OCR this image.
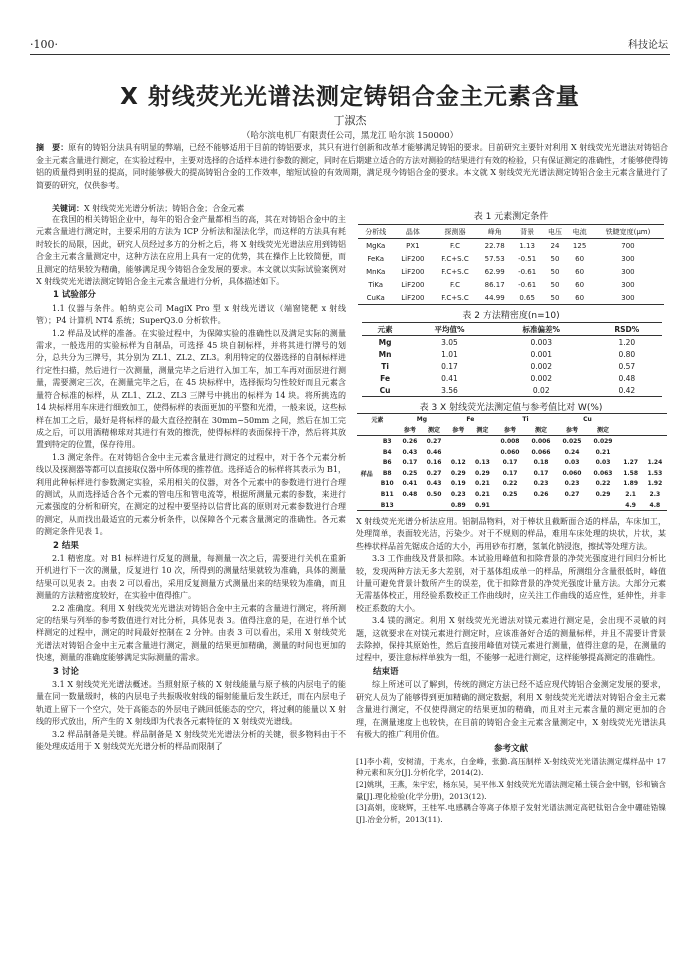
·100·	科技论坛
X 射线荧光光谱法测定铸铝合金主元素含量
丁淑杰
（哈尔滨电机厂有限责任公司，黑龙江 哈尔滨 150000）
摘　要：原有的铸铝分法具有明显的弊端，已经不能够适用于目前的铸铝要求，其只有进行创新和改革才能够满足铸铝的要求。目前研究主要针对利用 X 射线荧光光谱法对铸铝合金主元素含量进行测定，在实验过程中，主要对选择的合适样本进行参数的测定，同时在后期建立适合的方法对测验的结果进行有效的检验，只有保证测定的准确性，才能够使得铸铝的质量得到明显的提高，同时能够极大的提高铸铝合金的工作效率，缩短试验的有效周期，满足现今铸铝合金的要求。本文就 X 射线荧光光谱法测定铸铝合金主元素含量进行了简要的研究，仅供参考。
关键词：X 射线荧光光谱分析法；铸铝合金；合金元素

在我国的相关铸铝企业中，每年的铝合金产量都相当的高，其在对铸铝合金中的主元素含量进行测定时，主要采用的方法为 ICP 分析法和湿法化学，而这样的方法具有耗时较长的局限，因此，研究人员经过多方的分析之后，将 X 射线荧光光谱法应用到铸铝合金主元素含量测定中，这种方法在应用上具有一定的优势，其在操作上比较简便，而且测定的结果较为精确，能够满足现今铸铝合金发展的要求。本文就以实际试验案例对 X 射线荧光光谱法测定铸铝合金主元素含量进行分析，具体描述如下。

1 试验部分

1.1 仪器与条件。帕纳克公司 MagiX Pro 型 x 射线光谱议（端窗铑靶 x 射线管）；P4 计算机 NT4 系统；SuperQ3.0 分析软件。

1.2 样品及试样的准备。在实验过程中，为保障实验的准确性以及满足实际的测量需求，一般选用的实验标样为自制品，可选择 45 块自制标样，并将其进行牌号的划分，总共分为三牌号，其分别为 ZL1、ZL2、ZL3。利用特定的仪器选择的自制标样进行定性扫描，然后进行一次测量，测量完毕之后进行入加工车，加工车再对面层进行测量，需要测定三次，在测量完毕之后，在 45 块标样中，选择振均匀性较好而且元素含量符合标准的标样，从 ZL1、ZL2、ZL3 三牌号中挑出的标样为 14 块。将所挑选的 14 块标样用车床进行细致加工，使得标样的表面更加的平整和光滑，一般来说，这些标样在加工之后，最好是将标样的最大直径控制在 30mm~50mm 之间，然后在加工完成之后，可以用酒精棉球对其进行有效的擦洗，使得标样的表面保持干净，然后将其放置到特定的位置，保存待用。

1.3 测定条件。在对铸铝合金中主元素含量进行测定的过程中，对于各个元素分析线以及探测器等都可以直接取仪器中所体现的推荐值。选择适合的标样将其表示为 B1，利用此种标样进行参数测定实验，采用相关的仪器，对各个元素中的参数进行进行合理的测试，从而选择适合各个元素的管电压和管电流等，根据所测量元素的参数，来进行元素强度的分析和研究，在测定的过程中要坚持以信背比高的原则对元素参数进行合理的测定，从而找出最适宜的元素分析条件，以保障各个元素含量测定的准确性。各元素的测定条件见表 1。

2 结果

2.1 精密度。对 B1 标样进行反复的测量，每测量一次之后，需要进行关机在重新开机进行下一次的测量，反复进行 10 次，所得到的测量结果就较为准确，具体的测量结果可以见表 2。由表 2 可以看出，采用反复测量方式测量出来的结果较为准确，而且测量的方法精密度较好，在实验中值得推广。

2.2 准确度。利用 X 射线荧光光谱法对铸铝合金中主元素的含量进行测定，将所测定的结果与列举的参考数值进行对比分析，具体见表 3。值得注意的是，在进行单个试样测定的过程中，测定的时间最好控制在 2 分钟。由表 3 可以看出，采用 X 射线荧光光谱法对铸铝合金中主元素含量进行测定，测量的结果更加精确，测量的时间也更加的快速，测量的准确度能够满足实际测量的需求。

3 讨论

3.1 X 射线荧光光谱法概述。当照射原子核的 X 射线能量与原子核的内层电子的能量在同一数量级时，核的内层电子共振吸收射线的辐射能量后发生跃迁，而在内层电子轨道上留下一个空穴，处于高能态的外层电子跳回低能态的空穴，将过剩的能量以 X 射线的形式放出，所产生的 X 射线即为代表各元素特征的 X 射线荧光谱线。

3.2 样品制备是关键。样品制备是 X 射线荧光光谱法分析的关键，很多物料由于不能处理成适用于 X 射线荧光光谱分析的样品而限制了

表 1 元素测定条件
分析线	晶体	探测器	峰角	背景	电压	电流	铁睫宽度(μm)
MgKa	PX1	F.C	22.78	1.13	24	125	700
FeKa	LiF200	F.C+S.C	57.53	-0.51	50	60	300
MnKa	LiF200	F.C+S.C	62.99	-0.61	50	60	300
TiKa	LiF200	F.C	86.17	-0.61	50	60	300
CuKa	LiF200	F.C+S.C	44.99	0.65	50	60	300
表 2 方法精密度(n=10)
元素	平均值%	标准偏差%	RSD%
Mg	3.05	0.003	1.20
Mn	1.01	0.001	0.80
Ti	0.17	0.002	0.57
Fe	0.41	0.002	0.48
Cu	3.56	0.02	0.42
表 3 X 射线荧光法测定值与参考值比对 W(%)
元素		Mg		Fe		Ti		Cu			
		参考	测定	参考	测定	参考	测定	参考	测定		
样品	B3	0.26	0.27			0.008	0.006	0.025	0.029		
	B4	0.43	0.46			0.060	0.066	0.24	0.21		
	B6	0.17	0.16	0.12	0.13	0.17	0.18	0.03	0.03	1.27	1.24
	B8	0.25	0.27	0.29	0.29	0.17	0.17	0.060	0.063	1.58	1.53
	B10	0.41	0.43	0.19	0.21	0.22	0.23	0.23	0.22	1.89	1.92
	B11	0.48	0.50	0.23	0.21	0.25	0.26	0.27	0.29	2.1	2.3
	B13			0.89	0.91					4.9	4.8

X 射线荧光光谱分析法应用。铝制品物料，对于棒状且截断面合适的样品，车床加工，处理简单，表面较光洁，污染少。对于不规则的样品，难用车床处理的块状，片状，某些棒状样品首先锯成合适的大小，再用砂布打磨，氢氧化钠浸泡，擦拭等处理方法。

3.3 工作曲线及背景扣除。本试验用峰值和扣除背景的净荧光强度进行回归分析比较，发现两种方法无多大差别，对于基体组成单一的样品，所测组分含量很低时，峰值计量可避免背景计数所产生的误差，优于扣除背景的净荧光强度计量方法。大部分元素无需基体校正，用经验系数校正工作曲线时，应关注工作曲线的适应性，延伸性，并非校正系数的大小。

3.4 镁的测定。利用 X 射线荧光光谱法对镁元素进行测定是，会出现不灵敏的问题，这就要求在对镁元素进行测定时，应该准备好合适的测量标样，并且不需要计背景去除掉，保持其原始性，然后直接用峰值对镁元素进行测量，值得注意的是，在测量的过程中，要注意标样单独为一组，不能够一起进行测定，这样能够提高测定的准确性。

结束语

综上所述可以了解到，传统的测定方法已经不适应现代铸铝合金测定发展的要求，研究人员为了能够得到更加精确的测定数据，利用 X 射线荧光光谱法对铸铝合金主元素含量进行测定，不仅使得测定的结果更加的精确，而且对主元素含量的测定更加的合理，在测量速度上也较快，在目前的铸铝合金主元素含量测定中，X 射线荧光光谱法具有极大的推广利用价值。

参考文献
[1]李小莉，安树清，于兆水，白金峰，张勤.高压制样 X-射线荧光光谱法测定煤样品中 17 种元素和灰分[J].分析化学，2014(2).
[2]姚琪，王燕，朱宇宏，杨东吴，吴平伟.X 射线荧光光谱法测定稀土镁合金中钢，钐和镝含量[J].理化检验(化学分册)，2013(12).
[3]高娟，庞晓辉，王桂军.电感耦合等离子体原子发射光谱法测定高钯钛铝合金中硼硅锆镍[J].冶金分析，2013(11).
